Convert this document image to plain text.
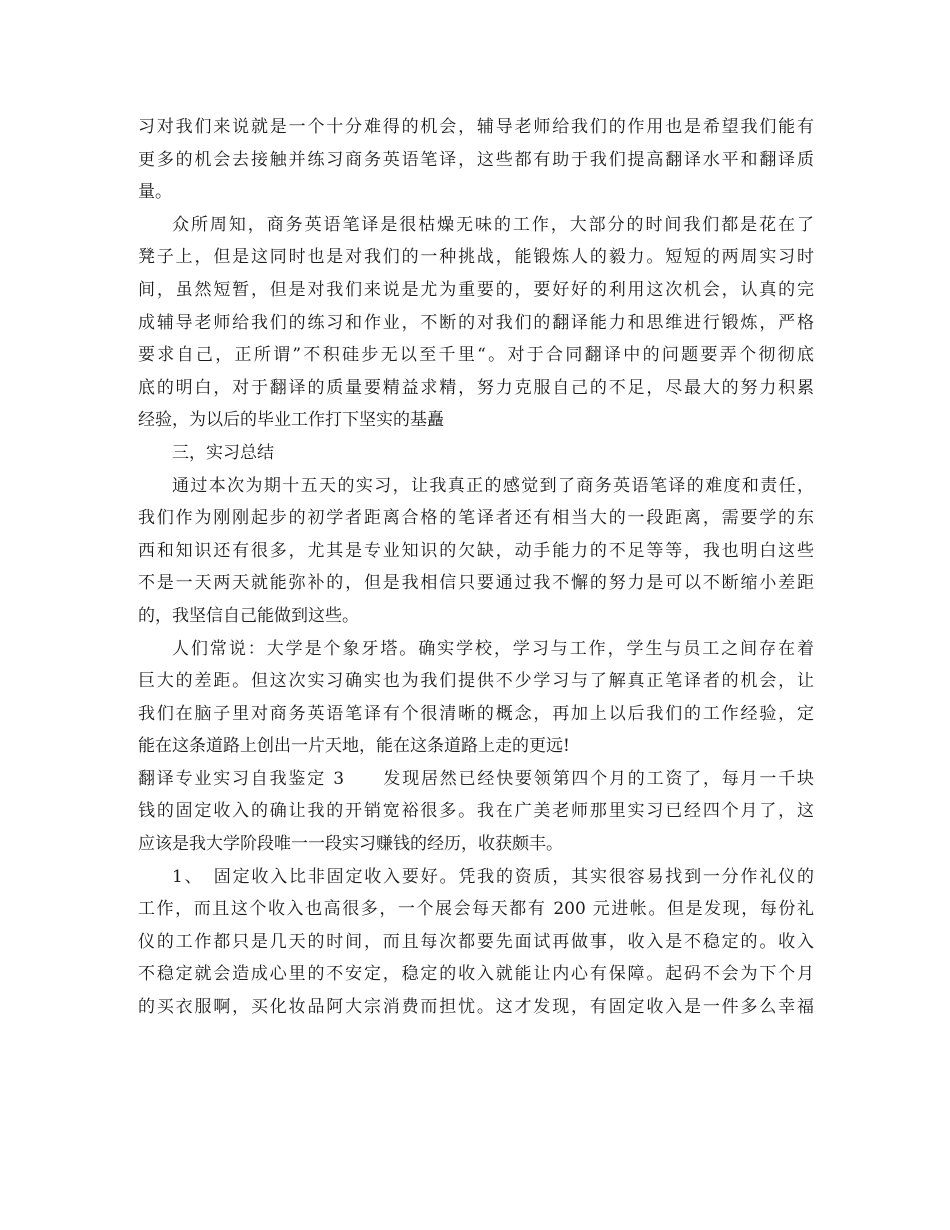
习对我们来说就是一个十分难得的机会，辅导老师给我们的作用也是希望我们能有
更多的机会去接触并练习商务英语笔译，这些都有助于我们提高翻译水平和翻译质
量。
众所周知，商务英语笔译是很枯燥无味的工作，大部分的时间我们都是花在了
凳子上，但是这同时也是对我们的一种挑战，能锻炼人的毅力。短短的两周实习时
间，虽然短暂，但是对我们来说是尤为重要的，要好好的利用这次机会，认真的完
成辅导老师给我们的练习和作业，不断的对我们的翻译能力和思维进行锻炼，严格
要求自己，正所谓”不积硅步无以至千里“。对于合同翻译中的问题要弄个彻彻底
底的明白，对于翻译的质量要精益求精，努力克服自己的不足，尽最大的努力积累
经验，为以后的毕业工作打下坚实的基矗
三，实习总结
通过本次为期十五天的实习，让我真正的感觉到了商务英语笔译的难度和责任，
我们作为刚刚起步的初学者距离合格的笔译者还有相当大的一段距离，需要学的东
西和知识还有很多，尤其是专业知识的欠缺，动手能力的不足等等，我也明白这些
不是一天两天就能弥补的，但是我相信只要通过我不懈的努力是可以不断缩小差距
的，我坚信自己能做到这些。
人们常说：大学是个象牙塔。确实学校，学习与工作，学生与员工之间存在着
巨大的差距。但这次实习确实也为我们提供不少学习与了解真正笔译者的机会，让
我们在脑子里对商务英语笔译有个很清晰的概念，再加上以后我们的工作经验，定
能在这条道路上创出一片天地，能在这条道路上走的更远!
翻译专业实习自我鉴定 3　　发现居然已经快要领第四个月的工资了，每月一千块
钱的固定收入的确让我的开销宽裕很多。我在广美老师那里实习已经四个月了，这
应该是我大学阶段唯一一段实习赚钱的经历，收获颇丰。
1、　固定收入比非固定收入要好。凭我的资质，其实很容易找到一分作礼仪的
工作，而且这个收入也高很多，一个展会每天都有 200 元进帐。但是发现，每份礼
仪的工作都只是几天的时间，而且每次都要先面试再做事，收入是不稳定的。收入
不稳定就会造成心里的不安定，稳定的收入就能让内心有保障。起码不会为下个月
的买衣服啊，买化妆品阿大宗消费而担忧。这才发现，有固定收入是一件多么幸福
